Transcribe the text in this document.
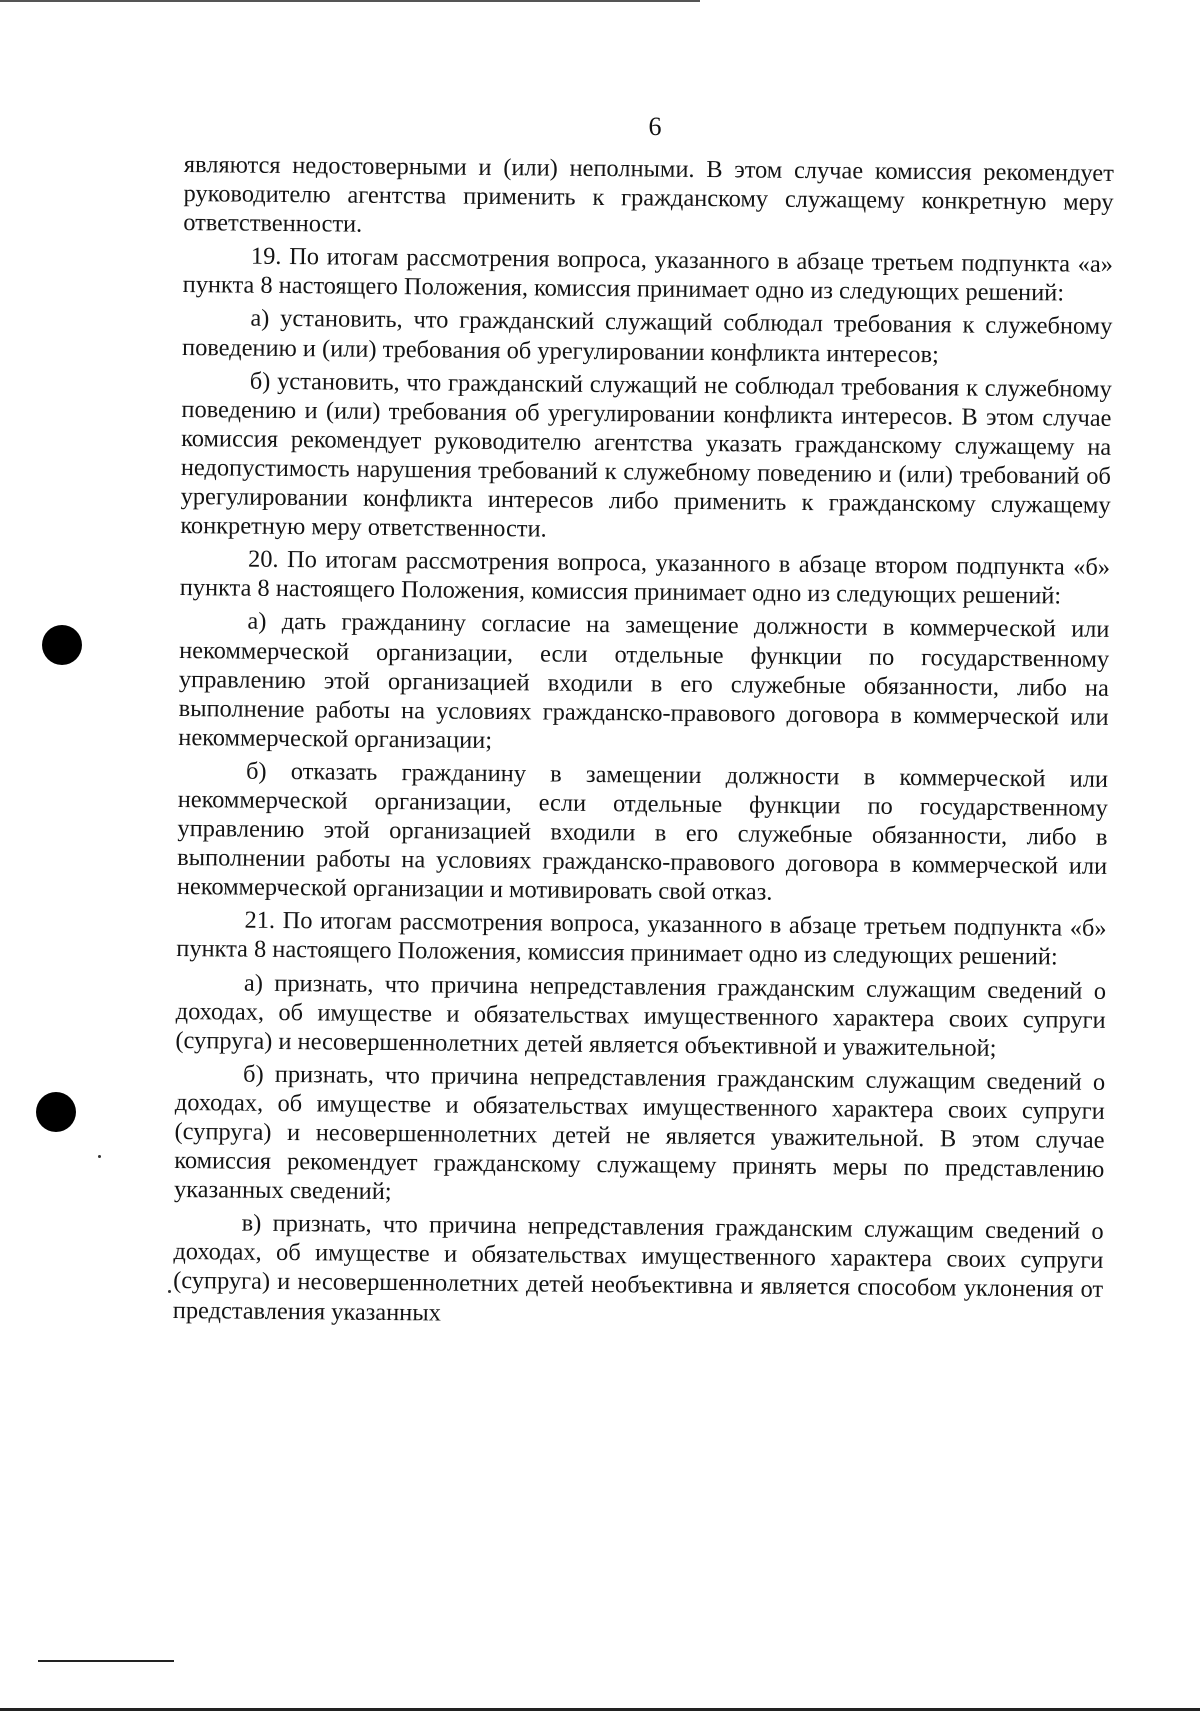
6

являются недостоверными и (или) неполными. В этом случае комиссия рекомендует руководителю агентства применить к гражданскому служащему конкретную меру ответственности.

19. По итогам рассмотрения вопроса, указанного в абзаце третьем подпункта «а» пункта 8 настоящего Положения, комиссия принимает одно из следующих решений:

а) установить, что гражданский служащий соблюдал требования к служебному поведению и (или) требования об урегулировании конфликта интересов;

б) установить, что гражданский служащий не соблюдал требования к служебному поведению и (или) требования об урегулировании конфликта интересов. В этом случае комиссия рекомендует руководителю агентства указать гражданскому служащему на недопустимость нарушения требований к служебному поведению и (или) требований об урегулировании конфликта интересов либо применить к гражданскому служащему конкретную меру ответственности.

20. По итогам рассмотрения вопроса, указанного в абзаце втором подпункта «б» пункта 8 настоящего Положения, комиссия принимает одно из следующих решений:

а) дать гражданину согласие на замещение должности в коммерческой или некоммерческой организации, если отдельные функции по государственному управлению этой организацией входили в его служебные обязанности, либо на выполнение работы на условиях гражданско-правового договора в коммерческой или некоммерческой организации;

б) отказать гражданину в замещении должности в коммерческой или некоммерческой организации, если отдельные функции по государственному управлению этой организацией входили в его служебные обязанности, либо в выполнении работы на условиях гражданско-правового договора в коммерческой или некоммерческой организации и мотивировать свой отказ.

21. По итогам рассмотрения вопроса, указанного в абзаце третьем подпункта «б» пункта 8 настоящего Положения, комиссия принимает одно из следующих решений:

а) признать, что причина непредставления гражданским служащим сведений о доходах, об имуществе и обязательствах имущественного характера своих супруги (супруга) и несовершеннолетних детей является объективной и уважительной;

б) признать, что причина непредставления гражданским служащим сведений о доходах, об имуществе и обязательствах имущественного характера своих супруги (супруга) и несовершеннолетних детей не является уважительной. В этом случае комиссия рекомендует гражданскому служащему принять меры по представлению указанных сведений;

в) признать, что причина непредставления гражданским служащим сведений о доходах, об имуществе и обязательствах имущественного характера своих супруги (супруга) и несовершеннолетних детей необъективна и является способом уклонения от представления указанных
